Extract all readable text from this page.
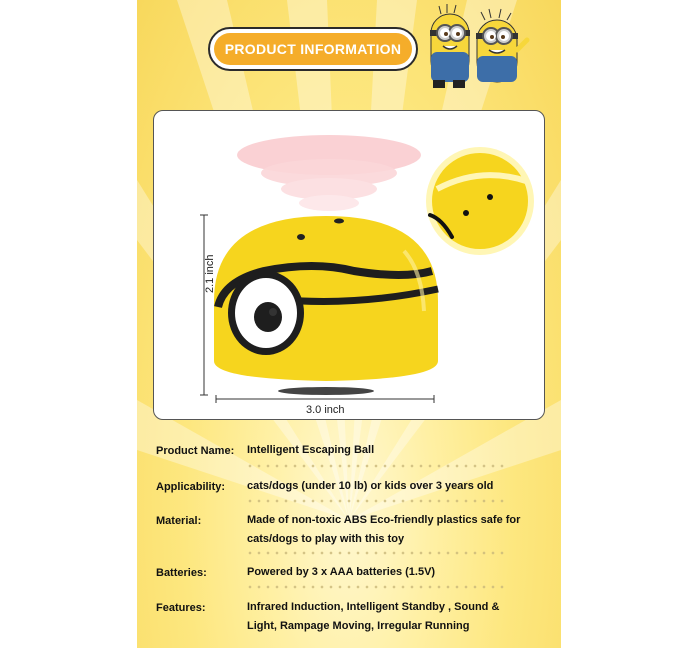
PRODUCT INFORMATION
2.1 inch
3.0 inch
Product Name: Intelligent Escaping Ball
Applicability: cats/dogs (under 10 lb) or kids over 3 years old
Material:	Made of non-toxic ABS Eco-friendly plastics safe for cats/dogs to play with this toy
Batteries:	Powered by 3 x AAA batteries (1.5V)
Features:	Infrared Induction, Intelligent Standby , Sound & Light, Rampage Moving, Irregular Running
